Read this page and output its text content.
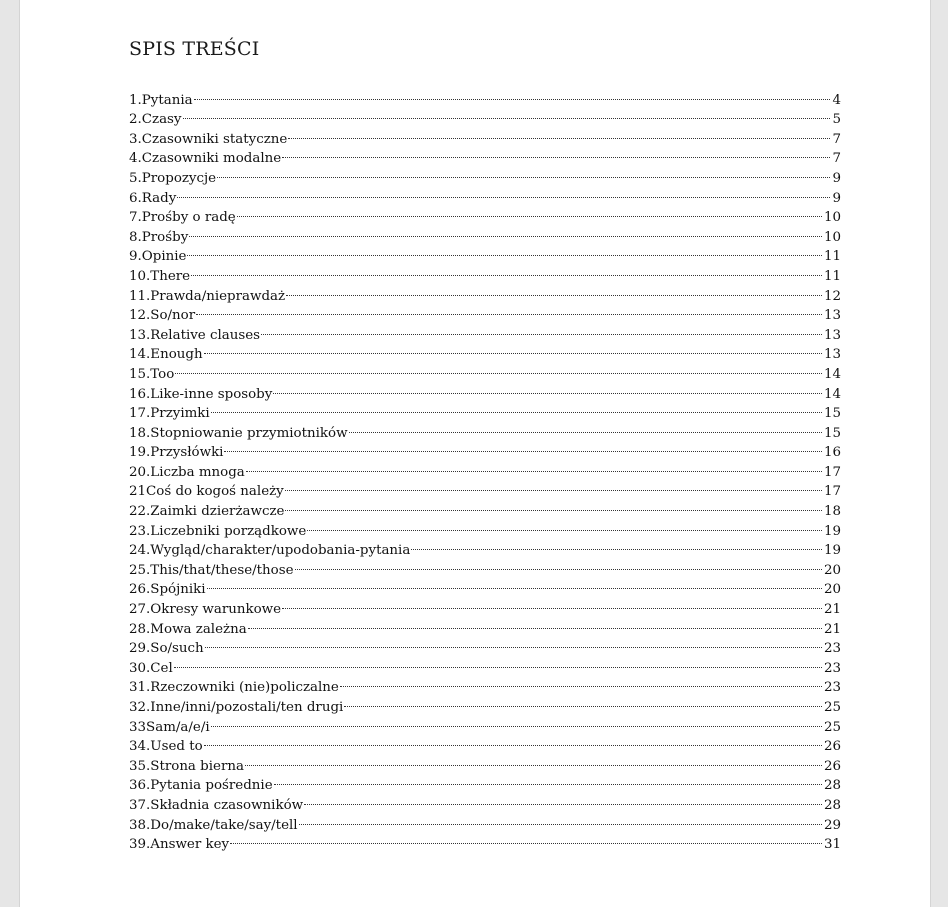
SPIS TREŚCI
1.Pytania	4
2.Czasy	5
3.Czasowniki statyczne	7
4.Czasowniki modalne	7
5.Propozycje	9
6.Rady	9
7.Prośby o radę	10
8.Prośby	10
9.Opinie	11
10.There	11
11.Prawda/nieprawdaż	12
12.So/nor	13
13.Relative clauses	13
14.Enough	13
15.Too	14
16.Like-inne sposoby	14
17.Przyimki	15
18.Stopniowanie przymiotników	15
19.Przysłówki	16
20.Liczba mnoga	17
21Coś do kogoś należy	17
22.Zaimki dzierżawcze	18
23.Liczebniki porządkowe	19
24.Wygląd/charakter/upodobania-pytania	19
25.This/that/these/those	20
26.Spójniki	20
27.Okresy warunkowe	21
28.Mowa zależna	21
29.So/such	23
30.Cel	23
31.Rzeczowniki (nie)policzalne	23
32.Inne/inni/pozostali/ten drugi	25
33Sam/a/e/i	25
34.Used to	26
35.Strona bierna	26
36.Pytania pośrednie	28
37.Składnia czasowników	28
38.Do/make/take/say/tell	29
39.Answer key	31
